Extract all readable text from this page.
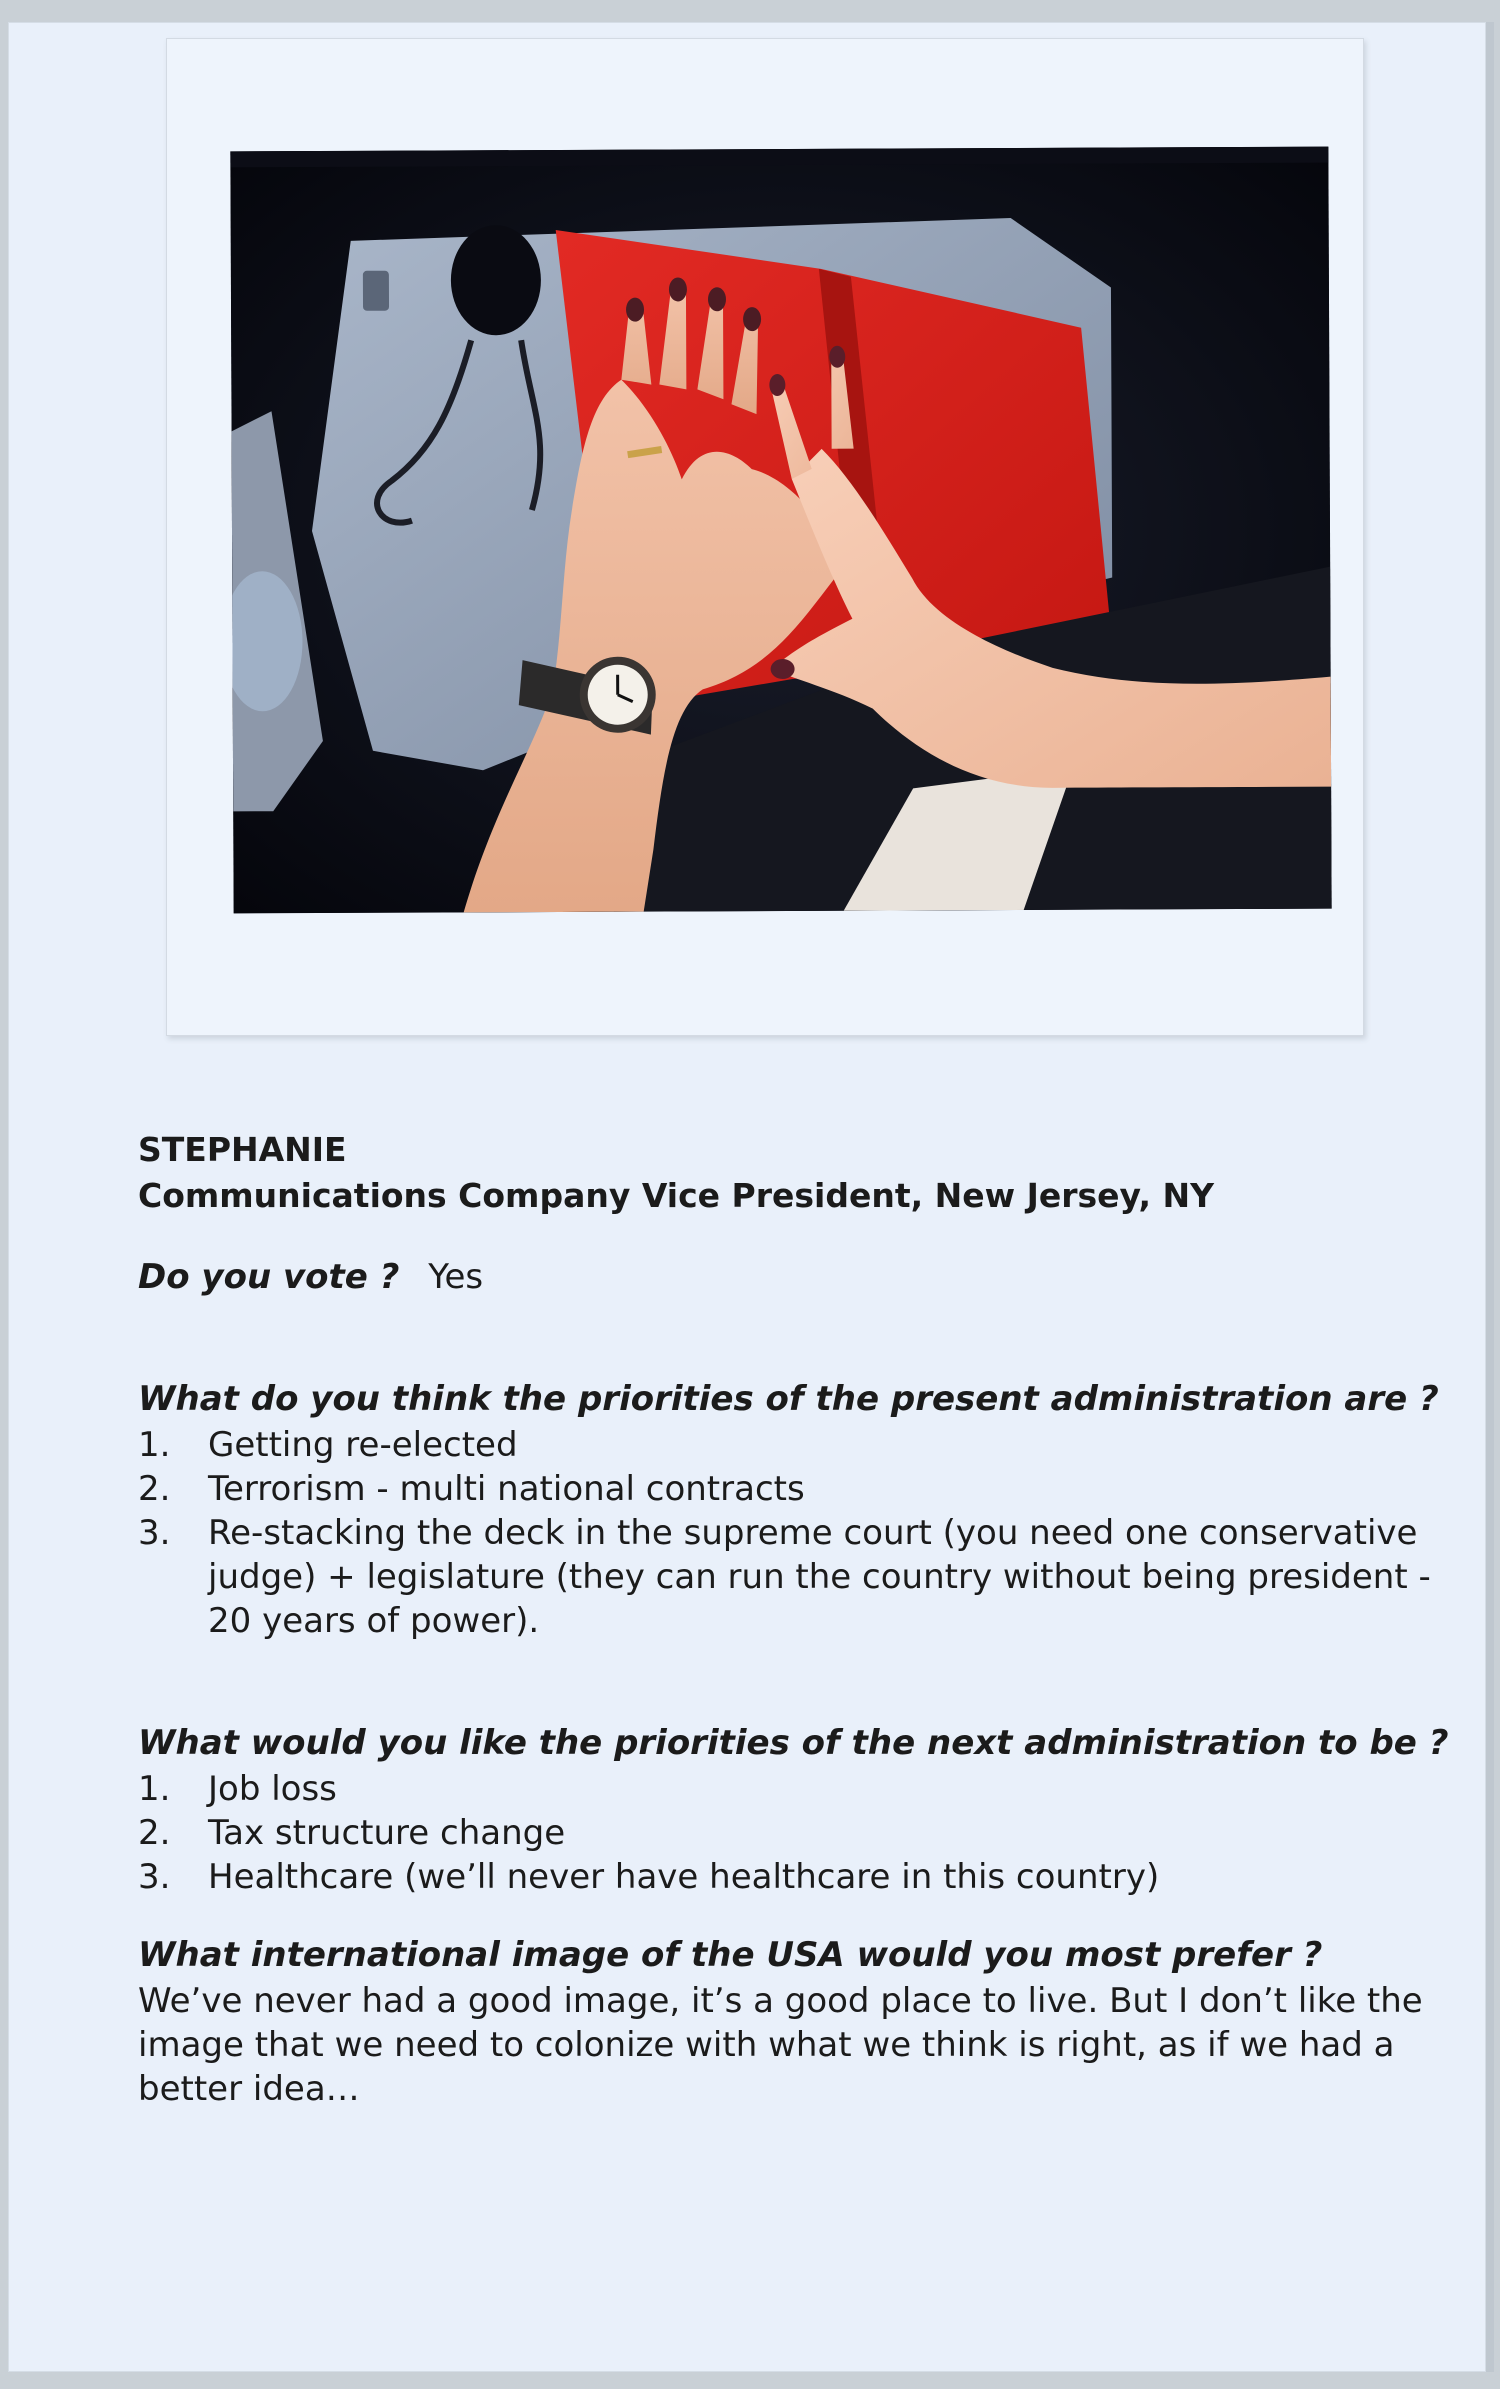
STEPHANIE

Communications Company Vice President, New Jersey, NY

Do you vote ? Yes

What do you think the priorities of the present administration are ?

1.	Getting re-elected
2.	Terrorism - multi national contracts
3.	Re-stacking the deck in the supreme court (you need one conservative judge) + legislature (they can run the country without being president - 20 years of power).

What would you like the priorities of the next administration to be ?

1.	Job loss
2.	Tax structure change
3.	Healthcare (we’ll never have healthcare in this country)

What international image of the USA would you most prefer ?

We’ve never had a good image, it’s a good place to live. But I don’t like the image that we need to colonize with what we think is right, as if we had a better idea…
